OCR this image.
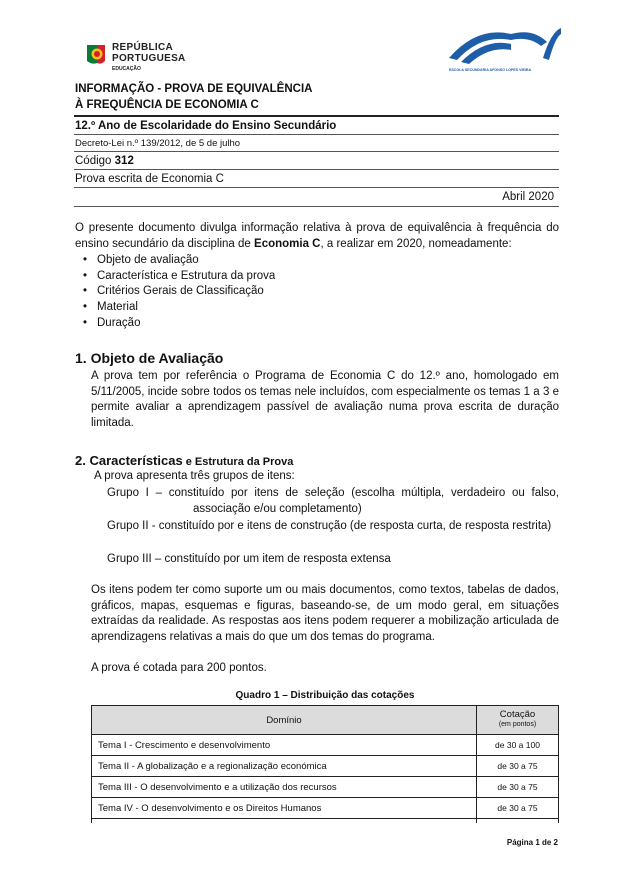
REPÚBLICA
PORTUGUESA
EDUCAÇÃO	ESCOLA SECUNDÁRIA AFONSO LOPES VIEIRA
INFORMAÇÃO - PROVA DE EQUIVALÊNCIA
À FREQUÊNCIA DE ECONOMIA C
12.º Ano de Escolaridade do Ensino Secundário
Decreto-Lei n.º 139/2012, de 5 de julho
Código 312
Prova escrita de Economia C
Abril 2020
O presente documento divulga informação relativa à prova de equivalência à frequência do ensino secundário da disciplina de Economia C, a realizar em 2020, nomeadamente:
• Objeto de avaliação
• Característica e Estrutura da prova
• Critérios Gerais de Classificação
• Material
• Duração
1. Objeto de Avaliação
A prova tem por referência o Programa de Economia C do 12.º ano, homologado em 5/11/2005, incide sobre todos os temas nele incluídos, com especialmente os temas 1 a 3 e permite avaliar a aprendizagem passível de avaliação numa prova escrita de duração limitada.
2. Características e Estrutura da Prova
A prova apresenta três grupos de itens:
Grupo I – constituído por itens de seleção (escolha múltipla, verdadeiro ou falso, associação e/ou completamento)
Grupo II - constituído por e itens de construção (de resposta curta, de resposta restrita)
Grupo III – constituído por um item de resposta extensa
Os itens podem ter como suporte um ou mais documentos, como textos, tabelas de dados, gráficos, mapas, esquemas e figuras, baseando-se, de um modo geral, em situações extraídas da realidade. As respostas aos itens podem requerer a mobilização articulada de aprendizagens relativas a mais do que um dos temas do programa.
A prova é cotada para 200 pontos.
Quadro 1 – Distribuição das cotações
Domínio	Cotação
(em pontos)

Tema I - Crescimento e desenvolvimento	de 30 a 100
Tema II - A globalização e a regionalização económica	de 30 a 75
Tema III - O desenvolvimento e a utilização dos recursos	de 30 a 75
Tema IV - O desenvolvimento e os Direitos Humanos	de 30 a 75

Página 1 de 2
